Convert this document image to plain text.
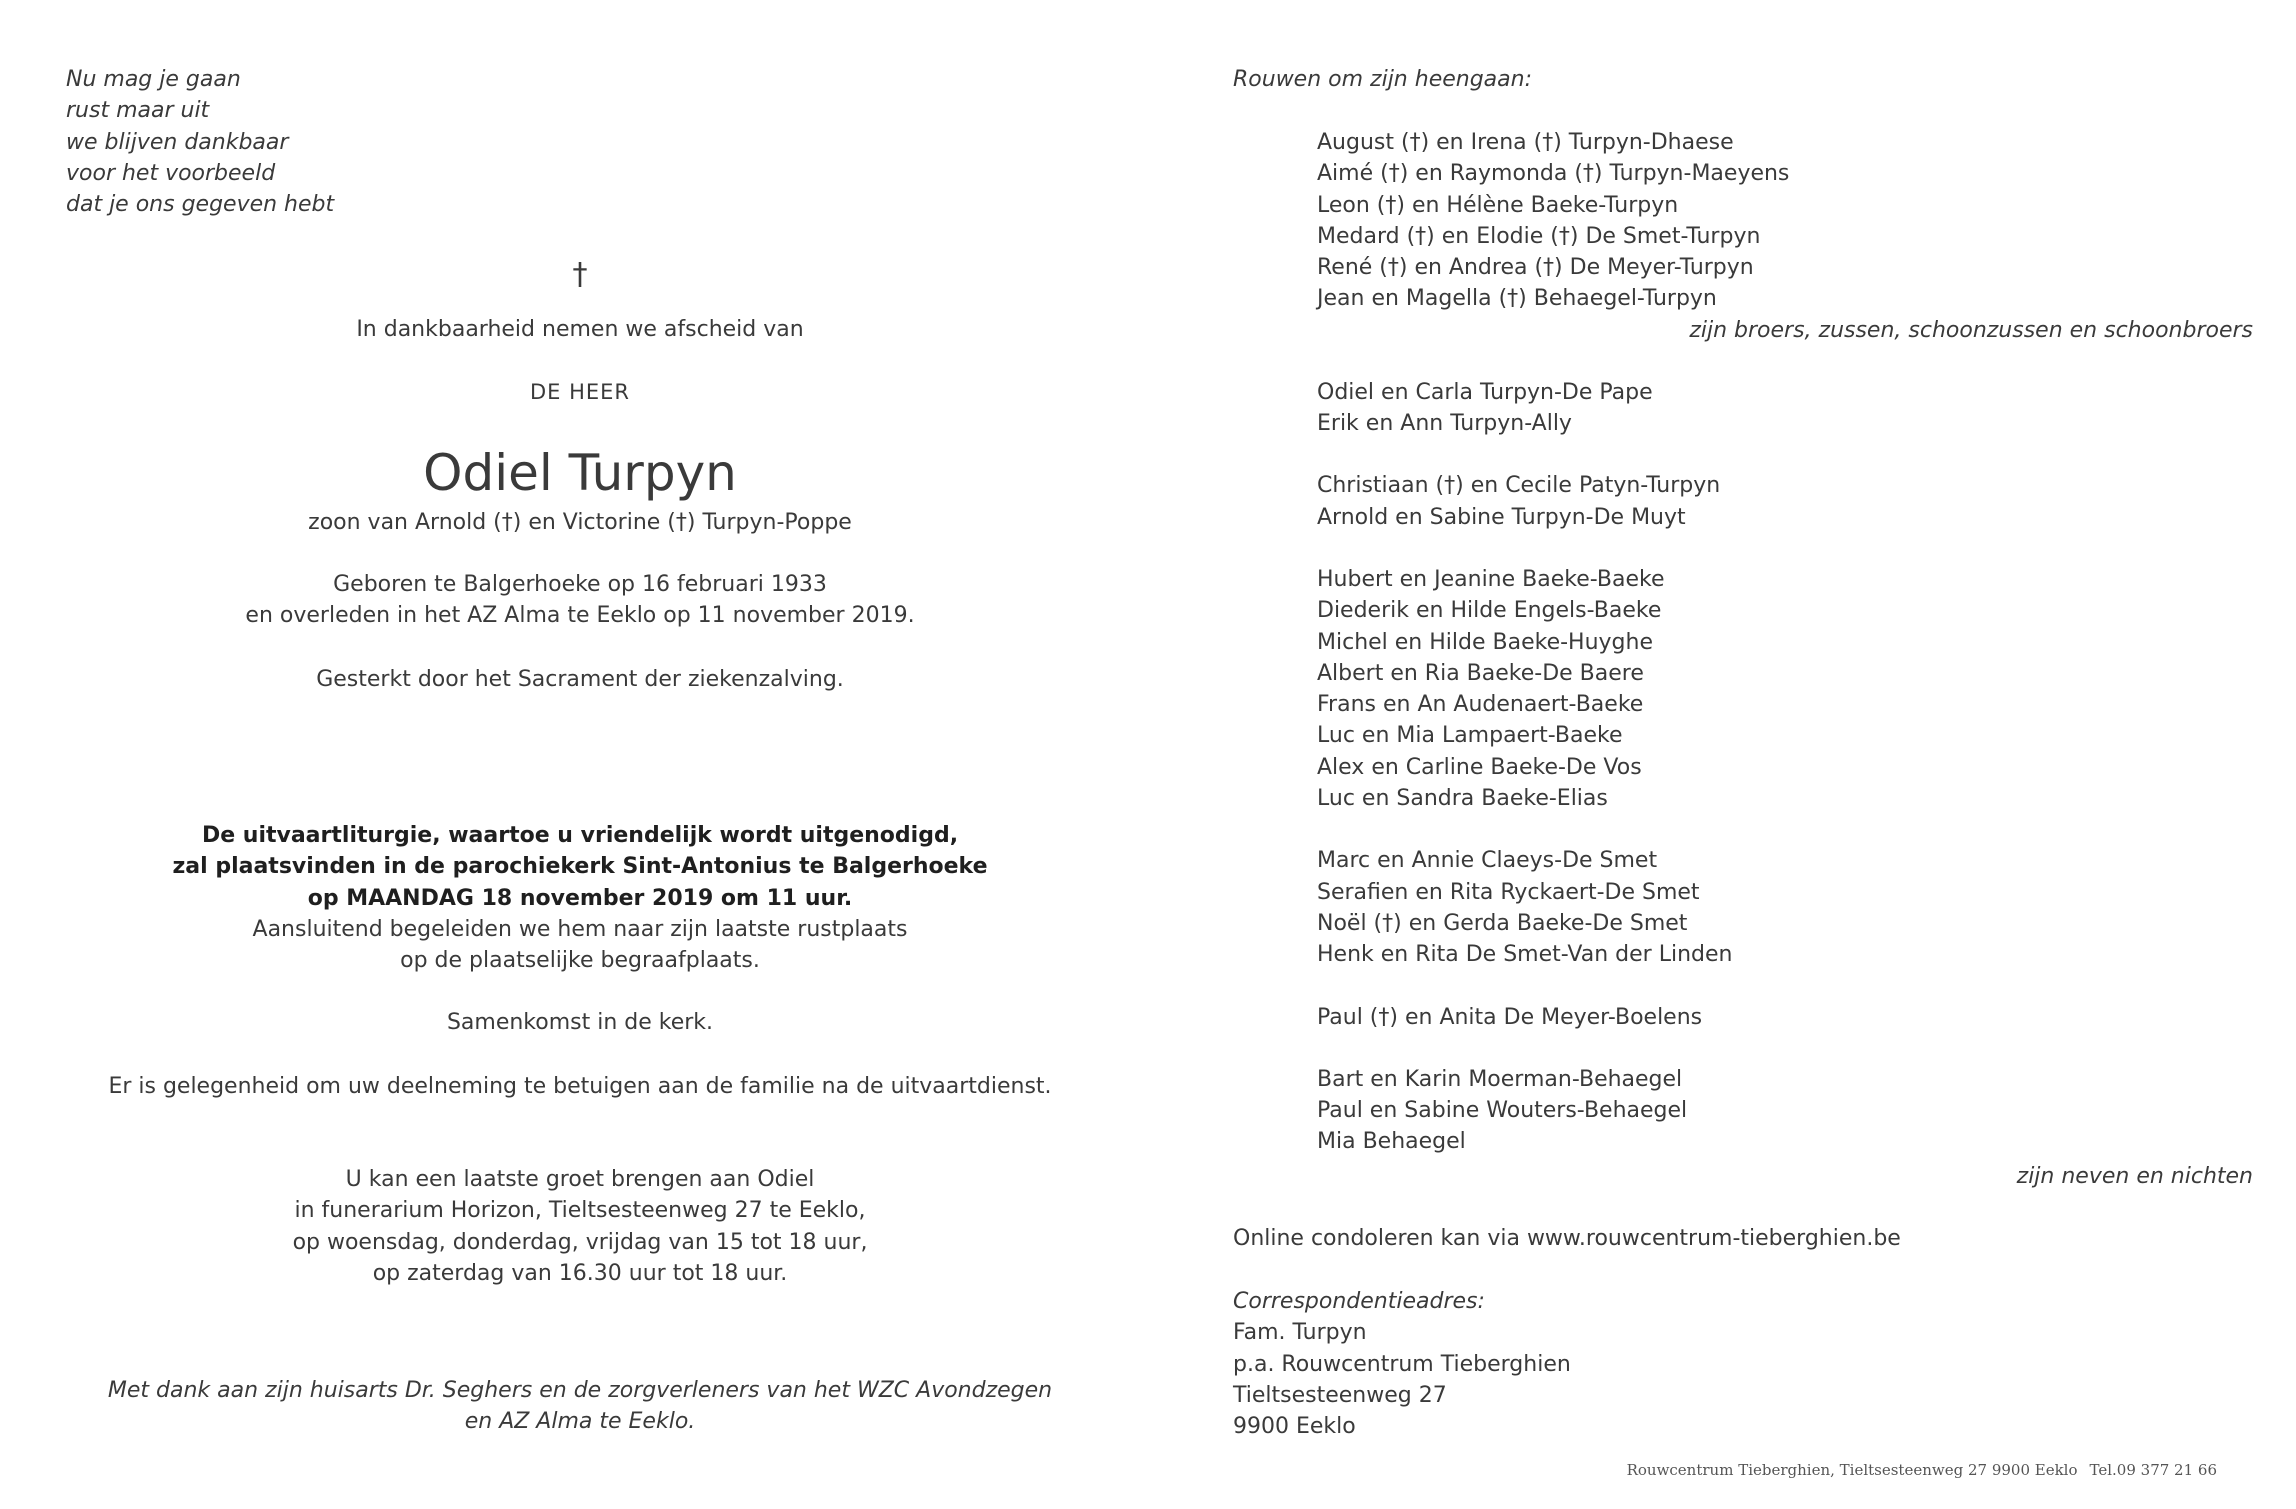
Nu mag je gaan
rust maar uit
we blijven dankbaar
voor het voorbeeld
dat je ons gegeven hebt
†
In dankbaarheid nemen we afscheid van
DE HEER
Odiel Turpyn
zoon van Arnold (†) en Victorine (†) Turpyn-Poppe
Geboren te Balgerhoeke op 16 februari 1933
en overleden in het AZ Alma te Eeklo op 11 november 2019.
Gesterkt door het Sacrament der ziekenzalving.
De uitvaartliturgie, waartoe u vriendelijk wordt uitgenodigd,
zal plaatsvinden in de parochiekerk Sint-Antonius te Balgerhoeke
op MAANDAG 18 november 2019 om 11 uur.
Aansluitend begeleiden we hem naar zijn laatste rustplaats
op de plaatselijke begraafplaats.
Samenkomst in de kerk.
Er is gelegenheid om uw deelneming te betuigen aan de familie na de uitvaartdienst.
U kan een laatste groet brengen aan Odiel
in funerarium Horizon, Tieltsesteenweg 27 te Eeklo,
op woensdag, donderdag, vrijdag van 15 tot 18 uur,
op zaterdag van 16.30 uur tot 18 uur.
Met dank aan zijn huisarts Dr. Seghers en de zorgverleners van het WZC Avondzegen
en AZ Alma te Eeklo.
Rouwen om zijn heengaan:
August (†) en Irena (†) Turpyn-Dhaese
Aimé (†) en Raymonda (†) Turpyn-Maeyens
Leon (†) en Hélène Baeke-Turpyn
Medard (†) en Elodie (†) De Smet-Turpyn
René (†) en Andrea (†) De Meyer-Turpyn
Jean en Magella (†) Behaegel-Turpyn
Odiel en Carla Turpyn-De Pape
Erik en Ann Turpyn-Ally
Christiaan (†) en Cecile Patyn-Turpyn
Arnold en Sabine Turpyn-De Muyt
Hubert en Jeanine Baeke-Baeke
Diederik en Hilde Engels-Baeke
Michel en Hilde Baeke-Huyghe
Albert en Ria Baeke-De Baere
Frans en An Audenaert-Baeke
Luc en Mia Lampaert-Baeke
Alex en Carline Baeke-De Vos
Luc en Sandra Baeke-Elias
Marc en Annie Claeys-De Smet
Serafien en Rita Ryckaert-De Smet
Noël (†) en Gerda Baeke-De Smet
Henk en Rita De Smet-Van der Linden
Paul (†) en Anita De Meyer-Boelens
Bart en Karin Moerman-Behaegel
Paul en Sabine Wouters-Behaegel
Mia Behaegel
zijn broers, zussen, schoonzussen en schoonbroers
zijn neven en nichten
Online condoleren kan via www.rouwcentrum-tieberghien.be
Correspondentieadres:
Fam. Turpyn
p.a. Rouwcentrum Tieberghien
Tieltsesteenweg 27
9900 Eeklo
Rouwcentrum Tieberghien, Tieltsesteenweg 27 9900 Eeklo Tel.09 377 21 66
